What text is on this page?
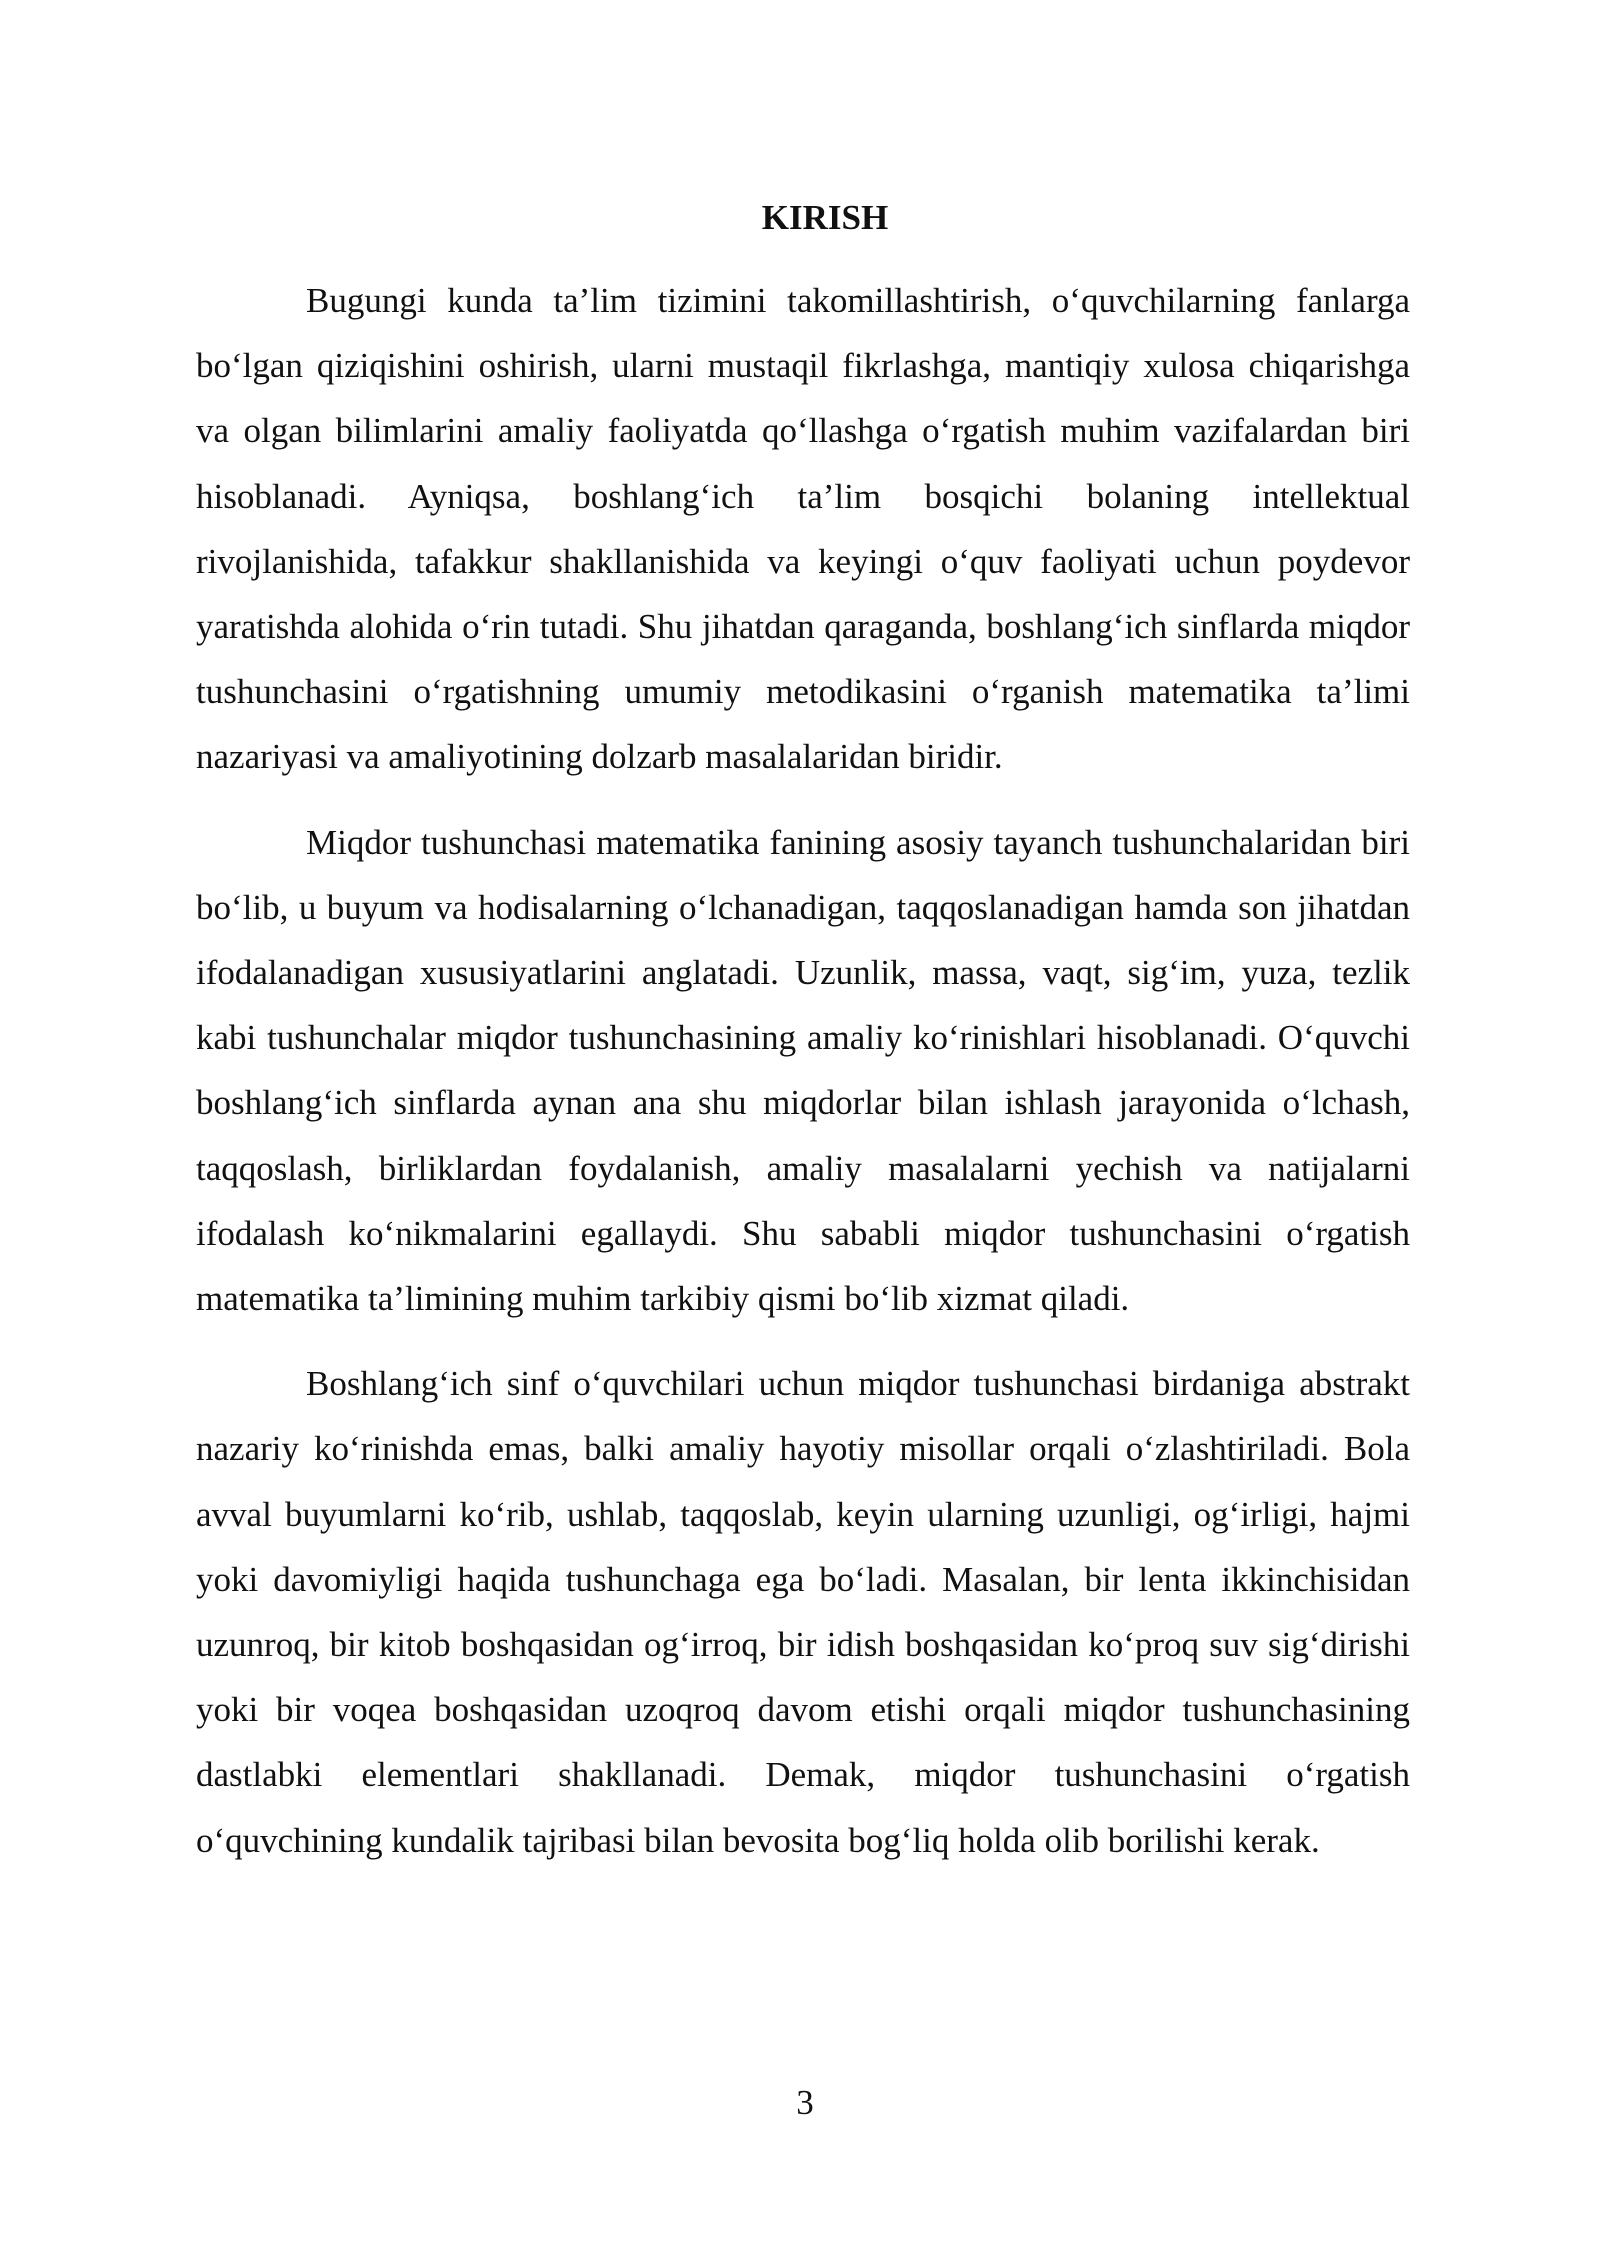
KIRISH

Bugungi kunda ta’lim tizimini takomillashtirish, o‘quvchilarning fanlarga bo‘lgan qiziqishini oshirish, ularni mustaqil fikrlashga, mantiqiy xulosa chiqarishga va olgan bilimlarini amaliy faoliyatda qo‘llashga o‘rgatish muhim vazifalardan biri hisoblanadi. Ayniqsa, boshlang‘ich ta’lim bosqichi bolaning intellektual rivojlanishida, tafakkur shakllanishida va keyingi o‘quv faoliyati uchun poydevor yaratishda alohida o‘rin tutadi. Shu jihatdan qaraganda, boshlang‘ich sinflarda miqdor tushunchasini o‘rgatishning umumiy metodikasini o‘rganish matematika ta’limi nazariyasi va amaliyotining dolzarb masalalaridan biridir.

Miqdor tushunchasi matematika fanining asosiy tayanch tushunchalaridan biri bo‘lib, u buyum va hodisalarning o‘lchanadigan, taqqoslanadigan hamda son jihatdan ifodalanadigan xususiyatlarini anglatadi. Uzunlik, massa, vaqt, sig‘im, yuza, tezlik kabi tushunchalar miqdor tushunchasining amaliy ko‘rinishlari hisoblanadi. O‘quvchi boshlang‘ich sinflarda aynan ana shu miqdorlar bilan ishlash jarayonida o‘lchash, taqqoslash, birliklardan foydalanish, amaliy masalalarni yechish va natijalarni ifodalash ko‘nikmalarini egallaydi. Shu sababli miqdor tushunchasini o‘rgatish matematika ta’limining muhim tarkibiy qismi bo‘lib xizmat qiladi.

Boshlang‘ich sinf o‘quvchilari uchun miqdor tushunchasi birdaniga abstrakt nazariy ko‘rinishda emas, balki amaliy hayotiy misollar orqali o‘zlashtiriladi. Bola avval buyumlarni ko‘rib, ushlab, taqqoslab, keyin ularning uzunligi, og‘irligi, hajmi yoki davomiyligi haqida tushunchaga ega bo‘ladi. Masalan, bir lenta ikkinchisidan uzunroq, bir kitob boshqasidan og‘irroq, bir idish boshqasidan ko‘proq suv sig‘dirishi yoki bir voqea boshqasidan uzoqroq davom etishi orqali miqdor tushunchasining dastlabki elementlari shakllanadi. Demak, miqdor tushunchasini o‘rgatish o‘quvchining kundalik tajribasi bilan bevosita bog‘liq holda olib borilishi kerak.

3
